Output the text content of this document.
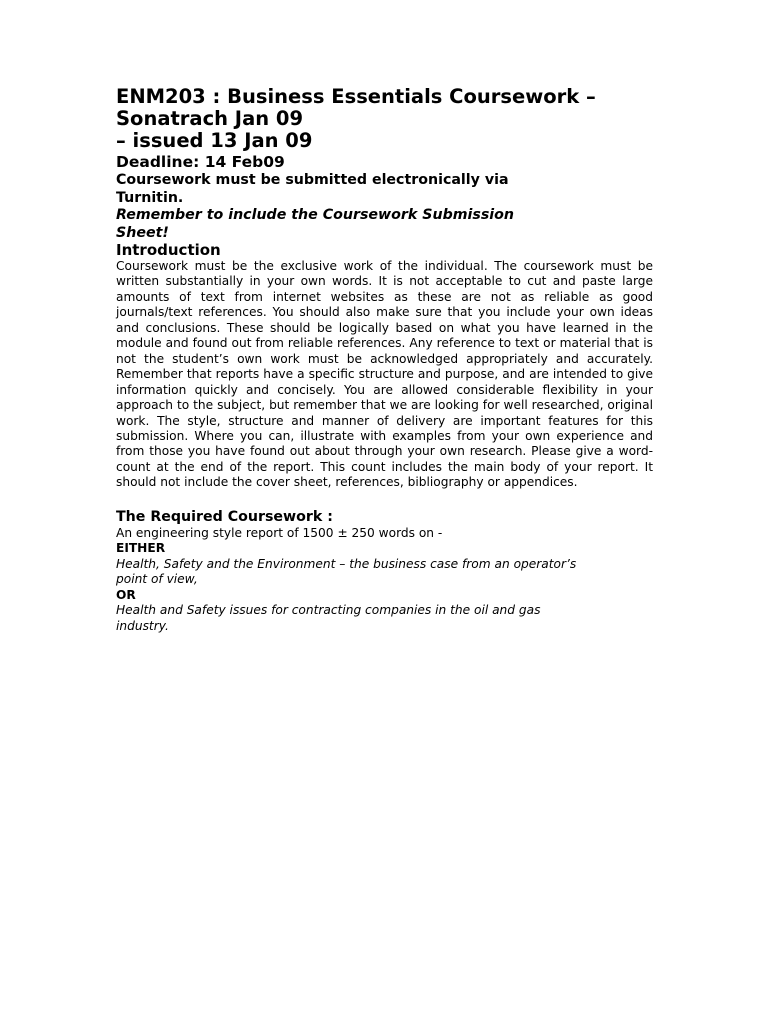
ENM203 : Business Essentials Coursework –
Sonatrach Jan 09
– issued 13 Jan 09

Deadline: 14 Feb09

Coursework must be submitted electronically via Turnitin.

Remember to include the Coursework Submission Sheet!

Introduction

Coursework must be the exclusive work of the individual. The coursework must be written substantially in your own words. It is not acceptable to cut and paste large amounts of text from internet websites as these are not as reliable as good journals/text references. You should also make sure that you include your own ideas and conclusions. These should be logically based on what you have learned in the module and found out from reliable references. Any reference to text or material that is not the student’s own work must be acknowledged appropriately and accurately. Remember that reports have a specific structure and purpose, and are intended to give information quickly and concisely. You are allowed considerable flexibility in your approach to the subject, but remember that we are looking for well researched, original work. The style, structure and manner of delivery are important features for this submission. Where you can, illustrate with examples from your own experience and from those you have found out about through your own research. Please give a word-count at the end of the report. This count includes the main body of your report. It should not include the cover sheet, references, bibliography or appendices.

The Required Coursework :

An engineering style report of 1500 ± 250 words on -

EITHER

Health, Safety and the Environment – the business case from an operator’s point of view,

OR

Health and Safety issues for contracting companies in the oil and gas industry.
